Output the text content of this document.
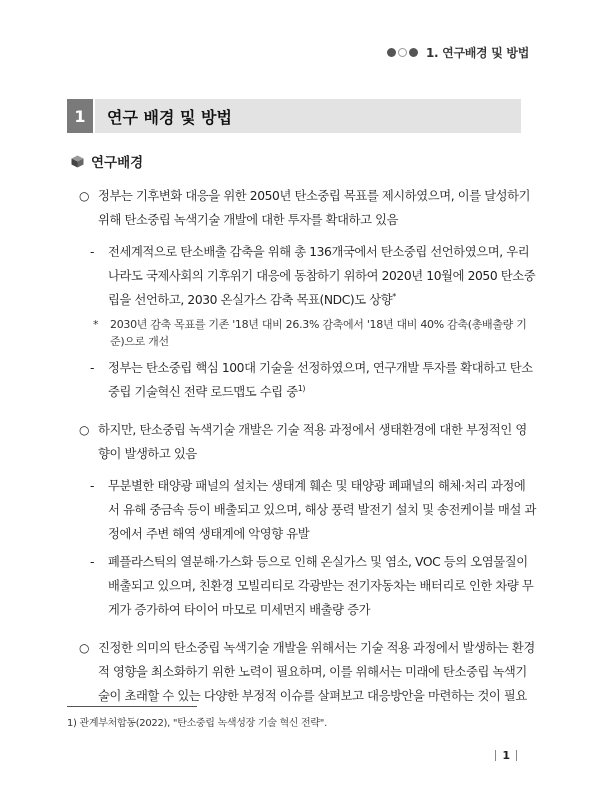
1. 연구배경 및 방법
1	연구 배경 및 방법
연구배경
○ 정부는 기후변화 대응을 위한 2050년 탄소중립 목표를 제시하였으며, 이를 달성하기 위해 탄소중립 녹색기술 개발에 대한 투자를 확대하고 있음
- 전세계적으로 탄소배출 감축을 위해 총 136개국에서 탄소중립 선언하였으며, 우리나라도 국제사회의 기후위기 대응에 동참하기 위하여 2020년 10월에 2050 탄소중립을 선언하고, 2030 온실가스 감축 목표(NDC)도 상향*
* 2030년 감축 목표를 기존 '18년 대비 26.3% 감축에서 '18년 대비 40% 감축(총배출량 기준)으로 개선
- 정부는 탄소중립 핵심 100대 기술을 선정하였으며, 연구개발 투자를 확대하고 탄소중립 기술혁신 전략 로드맵도 수립 중$^{1)}$
○ 하지만, 탄소중립 녹색기술 개발은 기술 적용 과정에서 생태환경에 대한 부정적인 영향이 발생하고 있음
- 무분별한 태양광 패널의 설치는 생태계 훼손 및 태양광 폐패널의 해체·처리 과정에서 유해 중금속 등이 배출되고 있으며, 해상 풍력 발전기 설치 및 송전케이블 매설 과정에서 주변 해역 생태계에 악영향 유발
- 폐플라스틱의 열분해·가스화 등으로 인해 온실가스 및 염소, VOC 등의 오염물질이 배출되고 있으며, 친환경 모빌리티로 각광받는 전기자동차는 배터리로 인한 차량 무게가 증가하여 타이어 마모로 미세먼지 배출량 증가
○ 진정한 의미의 탄소중립 녹색기술 개발을 위해서는 기술 적용 과정에서 발생하는 환경적 영향을 최소화하기 위한 노력이 필요하며, 이를 위해서는 미래에 탄소중립 녹색기술이 초래할 수 있는 다양한 부정적 이슈를 살펴보고 대응방안을 마련하는 것이 필요
1) 관계부처합동(2022), "탄소중립 녹색성장 기술 혁신 전략".
1
